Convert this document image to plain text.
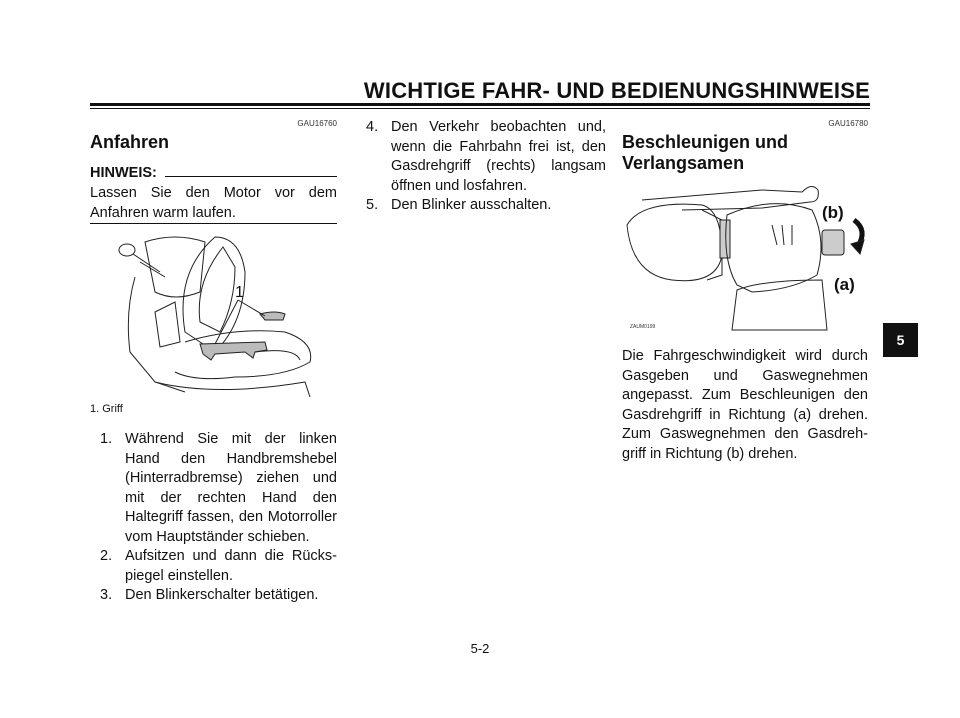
WICHTIGE FAHR- UND BEDIENUNGSHINWEISE
GAU16760
Anfahren
HINWEIS:
Lassen Sie den Motor vor dem Anfahren warm laufen.
1
1. Griff
1. Während Sie mit der linken Hand den Handbremshebel (Hinterradbremse) ziehen und mit der rechten Hand den Haltegriff fassen, den Motorroller vom Hauptständer schieben.
2. Aufsitzen und dann die Rückspiegel einstellen.
3. Den Blinkerschalter betätigen.
4. Den Verkehr beobachten und, wenn die Fahrbahn frei ist, den Gasdrehgriff (rechts) langsam öffnen und losfahren.
5. Den Blinker ausschalten.
GAU16780
Beschleunigen und Verlangsamen
(b)
(a)
ZAUM0199
Die Fahrgeschwindigkeit wird durch Gasgeben und Gaswegnehmen angepasst. Zum Beschleunigen den Gasdrehgriff in Richtung (a) drehen. Zum Gaswegnehmen den Gasdrehgriff in Richtung (b) drehen.
5
5-2
